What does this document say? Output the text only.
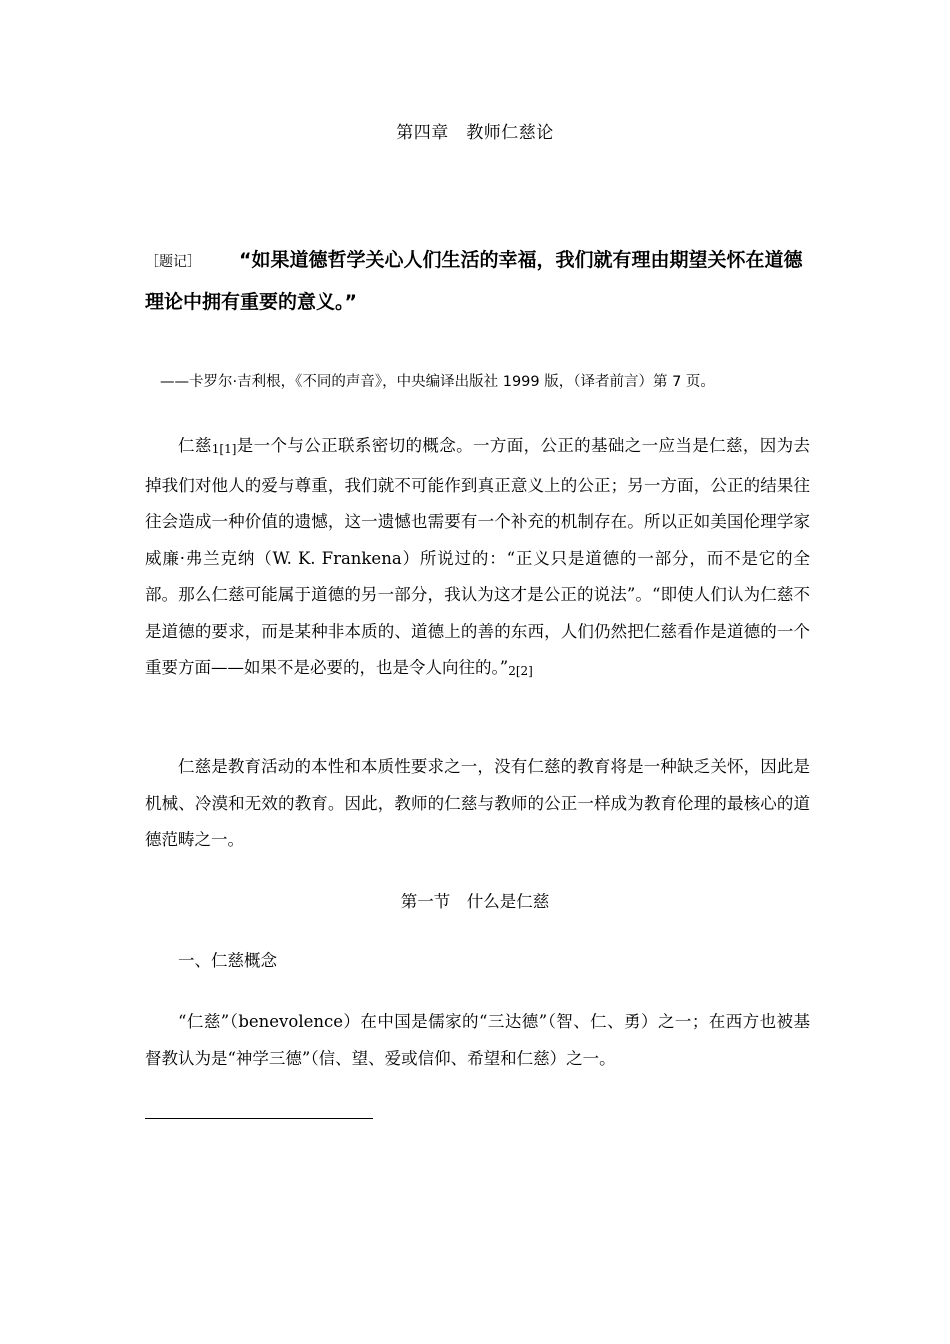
第四章　教师仁慈论
［题记］ “如果道德哲学关心人们生活的幸福，我们就有理由期望关怀在道德理论中拥有重要的意义。”
——卡罗尔·吉利根，《不同的声音》，中央编译出版社 1999 版，（译者前言）第 7 页。

仁慈1[1]是一个与公正联系密切的概念。一方面，公正的基础之一应当是仁慈，因为去掉我们对他人的爱与尊重，我们就不可能作到真正意义上的公正；另一方面，公正的结果往往会造成一种价值的遗憾，这一遗憾也需要有一个补充的机制存在。所以正如美国伦理学家威廉·弗兰克纳（W. K. Frankena）所说过的：“正义只是道德的一部分，而不是它的全部。那么仁慈可能属于道德的另一部分，我认为这才是公正的说法”。“即使人们认为仁慈不是道德的要求，而是某种非本质的、道德上的善的东西，人们仍然把仁慈看作是道德的一个重要方面——如果不是必要的，也是令人向往的。”2[2]

仁慈是教育活动的本性和本质性要求之一，没有仁慈的教育将是一种缺乏关怀，因此是机械、冷漠和无效的教育。因此，教师的仁慈与教师的公正一样成为教育伦理的最核心的道德范畴之一。

第一节　什么是仁慈
一、仁慈概念

“仁慈”（benevolence）在中国是儒家的“三达德”（智、仁、勇）之一；在西方也被基督教认为是“神学三德”（信、望、爱或信仰、希望和仁慈）之一。
